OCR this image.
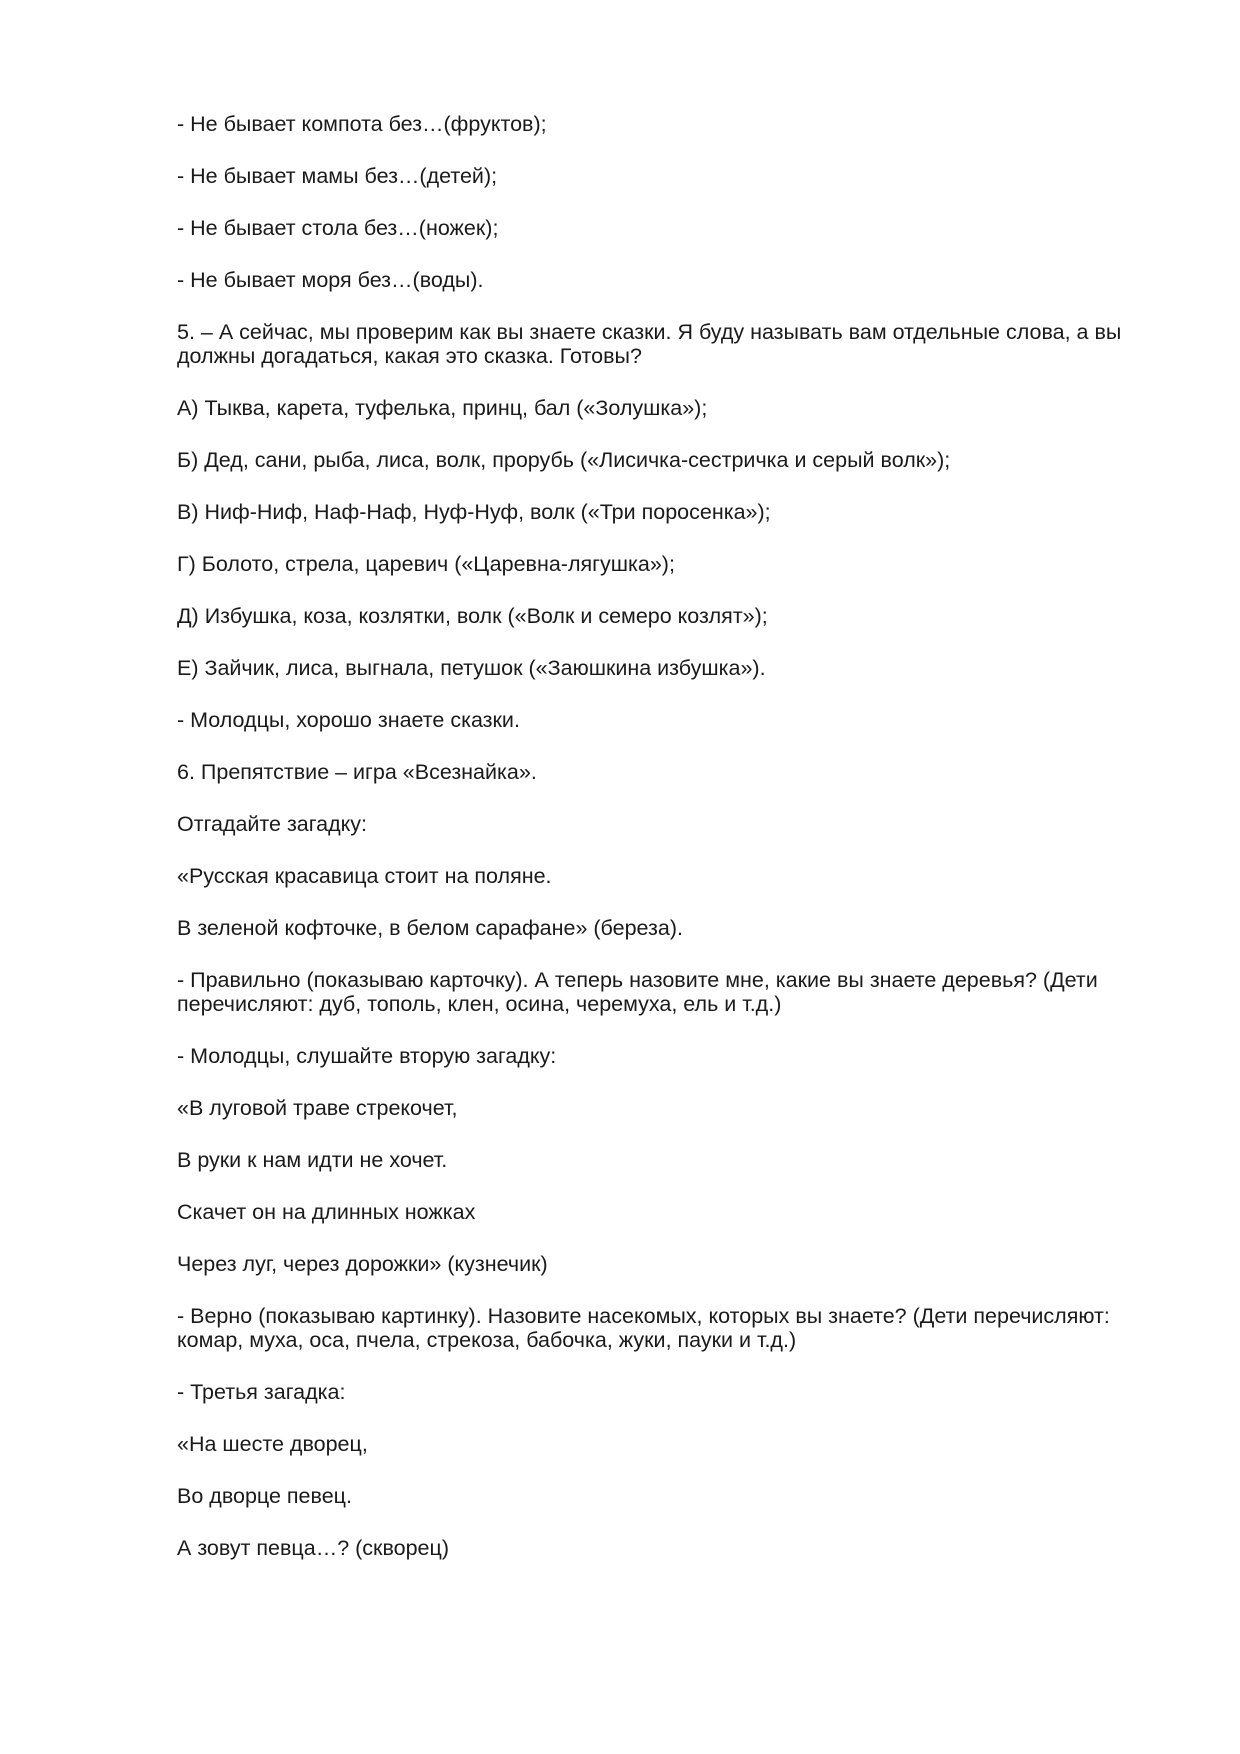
- Не бывает компота без…(фруктов);

- Не бывает мамы без…(детей);

- Не бывает стола без…(ножек);

- Не бывает моря без…(воды).

5. – А сейчас, мы проверим как вы знаете сказки. Я буду называть вам отдельные слова, а вы должны догадаться, какая это сказка. Готовы?

А) Тыква, карета, туфелька, принц, бал («Золушка»);

Б) Дед, сани, рыба, лиса, волк, прорубь («Лисичка-сестричка и серый волк»);

В) Ниф-Ниф, Наф-Наф, Нуф-Нуф, волк («Три поросенка»);

Г) Болото, стрела, царевич («Царевна-лягушка»);

Д) Избушка, коза, козлятки, волк («Волк и семеро козлят»);

Е) Зайчик, лиса, выгнала, петушок («Заюшкина избушка»).

- Молодцы, хорошо знаете сказки.

6. Препятствие – игра «Всезнайка».

Отгадайте загадку:

«Русская красавица стоит на поляне.

В зеленой кофточке, в белом сарафане» (береза).

- Правильно (показываю карточку). А теперь назовите мне, какие вы знаете деревья? (Дети перечисляют: дуб, тополь, клен, осина, черемуха, ель и т.д.)

- Молодцы, слушайте вторую загадку:

«В луговой траве стрекочет,

В руки к нам идти не хочет.

Скачет он на длинных ножках

Через луг, через дорожки» (кузнечик)

- Верно (показываю картинку). Назовите насекомых, которых вы знаете? (Дети перечисляют: комар, муха, оса, пчела, стрекоза, бабочка, жуки, пауки и т.д.)

- Третья загадка:

«На шесте дворец,

Во дворце певец.

А зовут певца…? (скворец)
